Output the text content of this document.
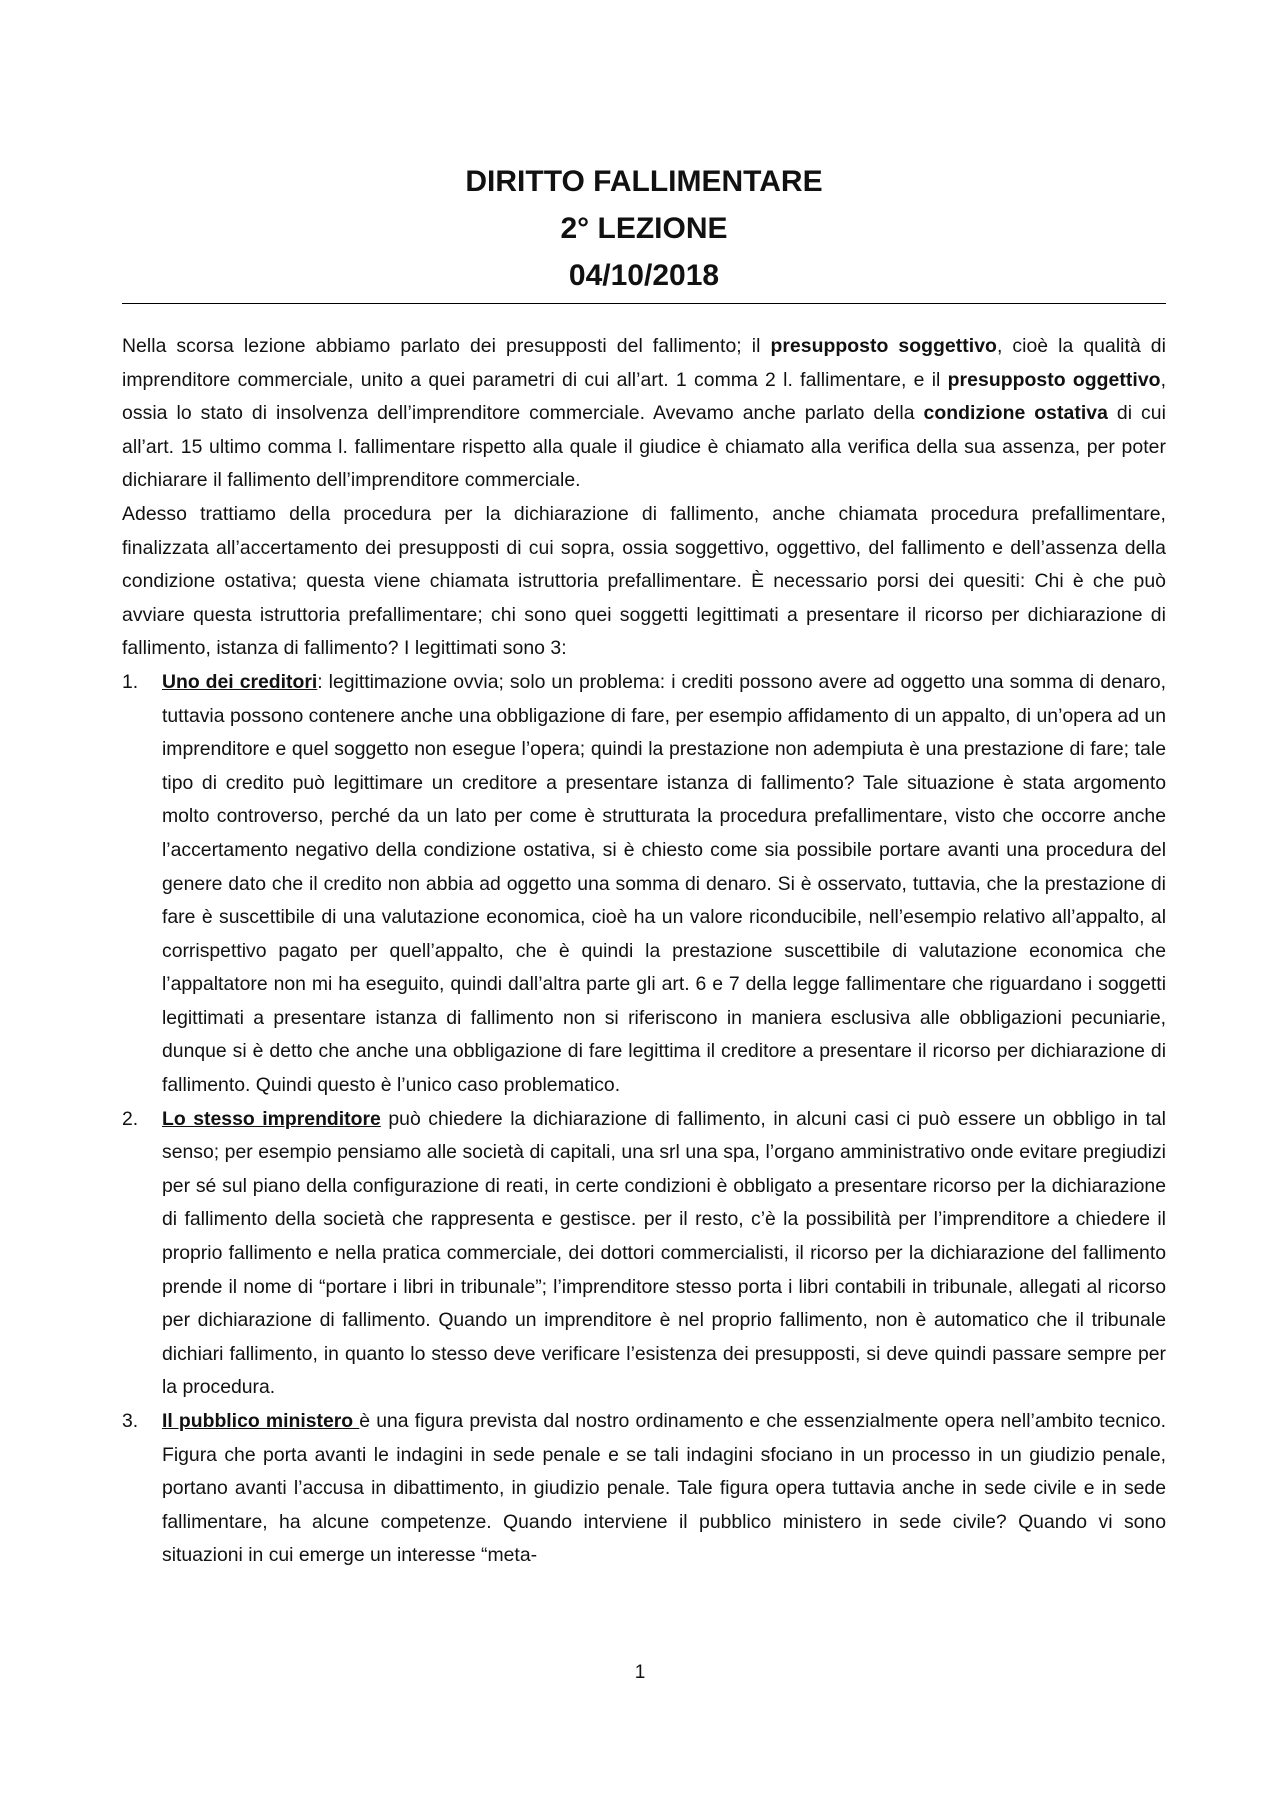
DIRITTO FALLIMENTARE
2° LEZIONE
04/10/2018

Nella scorsa lezione abbiamo parlato dei presupposti del fallimento; il presupposto soggettivo, cioè la qualità di imprenditore commerciale, unito a quei parametri di cui all’art. 1 comma 2 l. fallimentare, e il presupposto oggettivo, ossia lo stato di insolvenza dell’imprenditore commerciale. Avevamo anche parlato della condizione ostativa di cui all’art. 15 ultimo comma l. fallimentare rispetto alla quale il giudice è chiamato alla verifica della sua assenza, per poter dichiarare il fallimento dell’imprenditore commerciale.

Adesso trattiamo della procedura per la dichiarazione di fallimento, anche chiamata procedura prefallimentare, finalizzata all’accertamento dei presupposti di cui sopra, ossia soggettivo, oggettivo, del fallimento e dell’assenza della condizione ostativa; questa viene chiamata istruttoria prefallimentare. È necessario porsi dei quesiti: Chi è che può avviare questa istruttoria prefallimentare; chi sono quei soggetti legittimati a presentare il ricorso per dichiarazione di fallimento, istanza di fallimento? I legittimati sono 3:

1. Uno dei creditori: legittimazione ovvia; solo un problema: i crediti possono avere ad oggetto una somma di denaro, tuttavia possono contenere anche una obbligazione di fare, per esempio affidamento di un appalto, di un’opera ad un imprenditore e quel soggetto non esegue l’opera; quindi la prestazione non adempiuta è una prestazione di fare; tale tipo di credito può legittimare un creditore a presentare istanza di fallimento? Tale situazione è stata argomento molto controverso, perché da un lato per come è strutturata la procedura prefallimentare, visto che occorre anche l’accertamento negativo della condizione ostativa, si è chiesto come sia possibile portare avanti una procedura del genere dato che il credito non abbia ad oggetto una somma di denaro. Si è osservato, tuttavia, che la prestazione di fare è suscettibile di una valutazione economica, cioè ha un valore riconducibile, nell’esempio relativo all’appalto, al corrispettivo pagato per quell’appalto, che è quindi la prestazione suscettibile di valutazione economica che l’appaltatore non mi ha eseguito, quindi dall’altra parte gli art. 6 e 7 della legge fallimentare che riguardano i soggetti legittimati a presentare istanza di fallimento non si riferiscono in maniera esclusiva alle obbligazioni pecuniarie, dunque si è detto che anche una obbligazione di fare legittima il creditore a presentare il ricorso per dichiarazione di fallimento. Quindi questo è l’unico caso problematico.
2. Lo stesso imprenditore può chiedere la dichiarazione di fallimento, in alcuni casi ci può essere un obbligo in tal senso; per esempio pensiamo alle società di capitali, una srl una spa, l’organo amministrativo onde evitare pregiudizi per sé sul piano della configurazione di reati, in certe condizioni è obbligato a presentare ricorso per la dichiarazione di fallimento della società che rappresenta e gestisce. per il resto, c’è la possibilità per l’imprenditore a chiedere il proprio fallimento e nella pratica commerciale, dei dottori commercialisti, il ricorso per la dichiarazione del fallimento prende il nome di “portare i libri in tribunale”; l’imprenditore stesso porta i libri contabili in tribunale, allegati al ricorso per dichiarazione di fallimento. Quando un imprenditore è nel proprio fallimento, non è automatico che il tribunale dichiari fallimento, in quanto lo stesso deve verificare l’esistenza dei presupposti, si deve quindi passare sempre per la procedura.
3. Il pubblico ministero è una figura prevista dal nostro ordinamento e che essenzialmente opera nell’ambito tecnico. Figura che porta avanti le indagini in sede penale e se tali indagini sfociano in un processo in un giudizio penale, portano avanti l’accusa in dibattimento, in giudizio penale. Tale figura opera tuttavia anche in sede civile e in sede fallimentare, ha alcune competenze. Quando interviene il pubblico ministero in sede civile? Quando vi sono situazioni in cui emerge un interesse “meta-
1
